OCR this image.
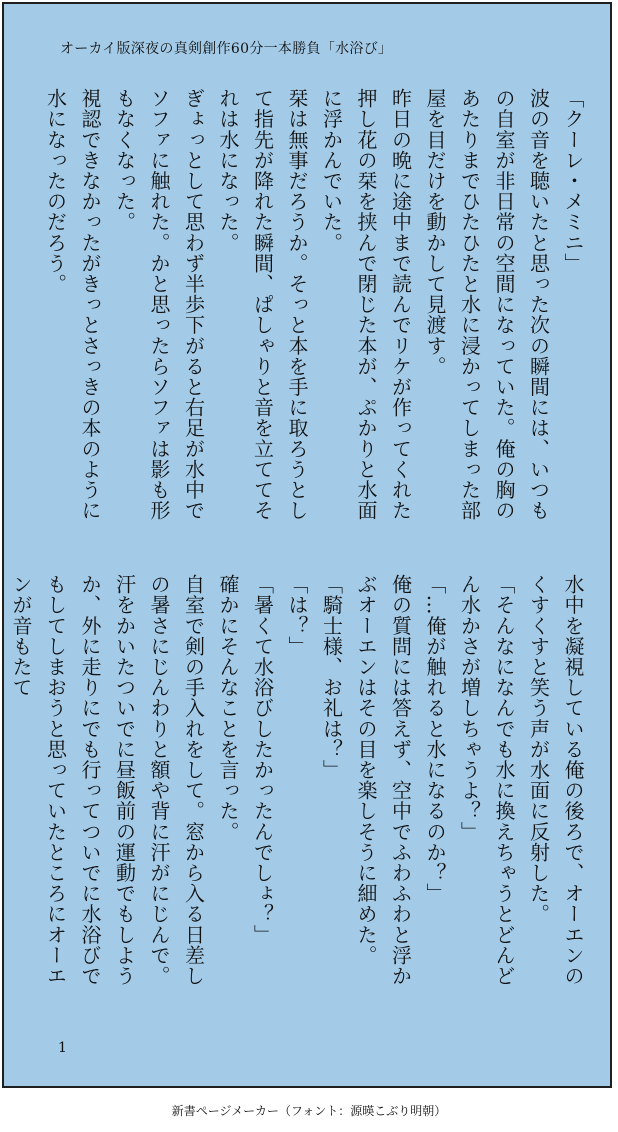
オーカイ版深夜の真剣創作60分一本勝負「水浴び」

「クーレ・メミニ」

波の音を聴いたと思った次の瞬間には、いつもの自室が非日常の空間になっていた。俺の胸のあたりまでひたひたと水に浸かってしまった部屋を目だけを動かして見渡す。

昨日の晩に途中まで読んでリケが作ってくれた押し花の栞を挟んで閉じた本が、ぷかりと水面に浮かんでいた。

栞は無事だろうか。そっと本を手に取ろうとして指先が降れた瞬間、ぱしゃりと音を立ててそれは水になった。

ぎょっとして思わず半歩下がると右足が水中でソファに触れた。かと思ったらソファは影も形もなくなった。

視認できなかったがきっとさっきの本のように水になったのだろう。

水中を凝視している俺の後ろで、オーエンのくすくすと笑う声が水面に反射した。

「そんなになんでも水に換えちゃうとどんどん水かさが増しちゃうよ？」

「…俺が触れると水になるのか？」

俺の質問には答えず、空中でふわふわと浮かぶオーエンはその目を楽しそうに細めた。

「騎士様、お礼は？」

「は？」

「暑くて水浴びしたかったんでしょ？」

確かにそんなことを言った。

自室で剣の手入れをして。窓から入る日差しの暑さにじんわりと額や背に汗がにじんで。

汗をかいたついでに昼飯前の運動でもしようか、外に走りにでも行ってついでに水浴びでもしてしまおうと思っていたところにオーエンが音もたて

1
新書ページメーカー（フォント：源暎こぶり明朝）
